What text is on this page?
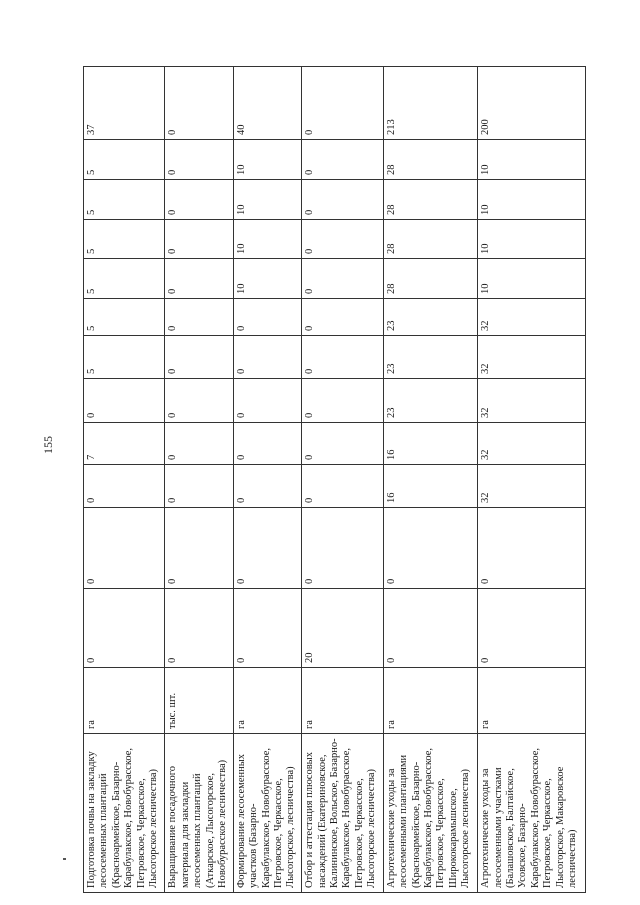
155
Подготовка почвы на закладку лесосеменных плантаций (Красноармейское, Базарно-Карабулакское, Новобурасское, Петровское, Черкасское, Лысогорское лесничества)	га	0	0	0	7	0	5	5	5	5	5	5	37
Выращивание посадочного материала для закладки лесосеменных плантаций (Аткарское, Лысогорское, Новобурасское лесничества)	тыс. шт.	0	0	0	0	0	0	0	0	0	0	0	0
Формирование лесосеменных участков (Базарно-Карабулакское, Новобурасское, Петровское, Черкасское, Лысогорское, лесничества)	га	0	0	0	0	0	0	0	10	10	10	10	40
Отбор и аттестация плюсовых насаждений (Екатериновское, Калининское, Вольское, Базарно- Карабулакское, Новобурасское, Петровское, Черкасское, Лысогорское лесничества)	га	20	0	0	0	0	0	0	0	0	0	0	0
Агротехнические уходы за лесосеменными плантациями (Красноармейское, Базарно-Карабулакское, Новобурасское, Петровское, Черкасское, Ширококарамышское, Лысогорское лесничества)	га	0	0	16	16	23	23	23	28	28	28	28	213
Агротехнические уходы за лесосеменными участками (Балашовское, Балтайское, Усовское, Базарно-Карабулакское, Новобурасское, Петровское, Черкасское, Лысогорское, Макаровское лесничества)	га	0	0	32	32	32	32	32	10	10	10	10	200
